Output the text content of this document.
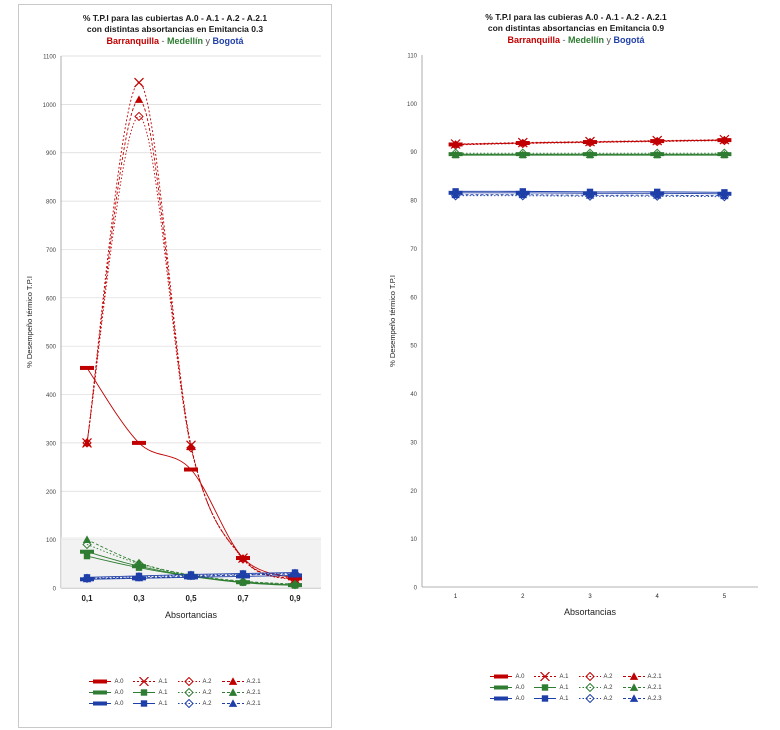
% T.P.I para las cubiertas A.0 - A.1 - A.2 - A.2.1
con distintas absortancias en Emitancia 0.3
Barranquilla - Medellín y Bogotá
0
100
200
300
400
500
600
700
800
900
1000
1100
0,1	0,3	0,5	0,7	0,9
Absortancias
% Desempeño térmico T.P.I
A.0	A.1	A.2	A.2.1
A.0	A.1	A.2	A.2.1
A.0	A.1	A.2	A.2.1
% T.P.I para las cubieras A.0 - A.1 - A.2 - A.2.1
con distintas absortancias en Emitancia 0.9
Barranquilla - Medellín y Bogotá
0
10
20
30
40
50
60
70
80
90
100
110
1	2	3	4	5
Absortancias
% Desempeño térmico T.P.I
A.0	A.1	A.2	A.2.1
A.0	A.1	A.2	A.2.1
A.0	A.1	A.2	A.2.3
